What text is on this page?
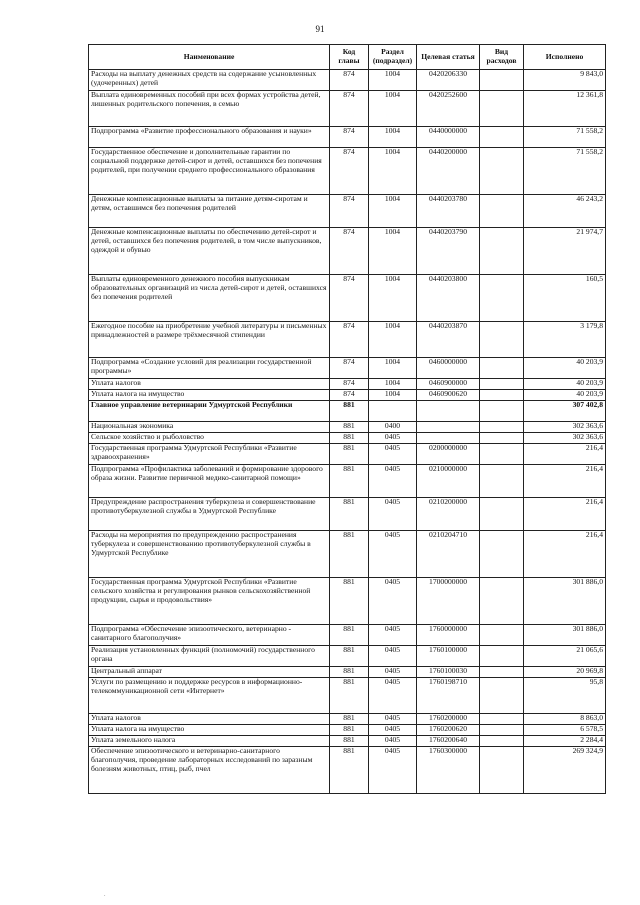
91
Наименование	Код главы	Раздел (подраздел)	Целевая статья	Вид расходов	Исполнено
Расходы на выплату денежных средств на содержание усыновленных (удочеренных) детей	874	1004	0420206330		9 843,0
Выплата единовременных пособий при всех формах устройства детей, лишенных родительского попечения, в семью	874	1004	0420252600		12 361,8
Подпрограмма «Развитие профессионального образования и науки»	874	1004	0440000000		71 558,2
Государственное обеспечение и дополнительные гарантии по социальной поддержке детей-сирот и детей, оставшихся без попечения родителей, при получении среднего профессионального образования	874	1004	0440200000		71 558,2
Денежные компенсационные выплаты за питание детям-сиротам и детям, оставшимся без попечения родителей	874	1004	0440203780		46 243,2
Денежные компенсационные выплаты по обеспечению детей-сирот и детей, оставшихся без попечения родителей, в том числе выпускников, одеждой и обувью	874	1004	0440203790		21 974,7
Выплаты единовременного денежного пособия выпускникам образовательных организаций из числа детей-сирот и детей, оставшихся без попечения родителей	874	1004	0440203800		160,5
Ежегодное пособие на приобретение учебной литературы и письменных принадлежностей в размере трёхмесячной стипендии	874	1004	0440203870		3 179,8
Подпрограмма «Создание условий для реализации государственной программы»	874	1004	0460000000		40 203,9
Уплата налогов	874	1004	0460900000		40 203,9
Уплата налога на имущество	874	1004	0460900620		40 203,9
Главное управление ветеринарии Удмуртской Республики	881				307 402,8
Национальная экономика	881	0400			302 363,6
Сельское хозяйство и рыболовство	881	0405			302 363,6
Государственная программа Удмуртской Республики «Развитие здравоохранения»	881	0405	0200000000		216,4
Подпрограмма «Профилактика заболеваний и формирование здорового образа жизни. Развитие первичной медико-санитарной помощи»	881	0405	0210000000		216,4
Предупреждение распространения туберкулеза и совершенствование противотуберкулезной службы в Удмуртской Республике	881	0405	0210200000		216,4
Расходы на мероприятия по предупреждению распространения туберкулеза и совершенствованию противотуберкулезной службы в Удмуртской Республике	881	0405	0210204710		216,4
Государственная программа Удмуртской Республики «Развитие сельского хозяйства и регулирования рынков сельскохозяйственной продукции, сырья и продовольствия»	881	0405	1700000000		301 886,0
Подпрограмма «Обеспечение эпизоотического, ветеринарно - санитарного благополучия»	881	0405	1760000000		301 886,0
Реализация установленных функций (полномочий) государственного органа	881	0405	1760100000		21 065,6
Центральный аппарат	881	0405	1760100030		20 969,8
Услуги по размещению и поддержке ресурсов в информационно-телекоммуникационной сети «Интернет»	881	0405	1760198710		95,8
Уплата налогов	881	0405	1760200000		8 863,0
Уплата налога на имущество	881	0405	1760200620		6 578,5
Уплата земельного налога	881	0405	1760200640		2 284,4
Обеспечение эпизоотического и ветеринарно-санитарного благополучия, проведение лабораторных исследований по заразным болезням животных, птиц, рыб, пчел	881	0405	1760300000		269 324,9
.
